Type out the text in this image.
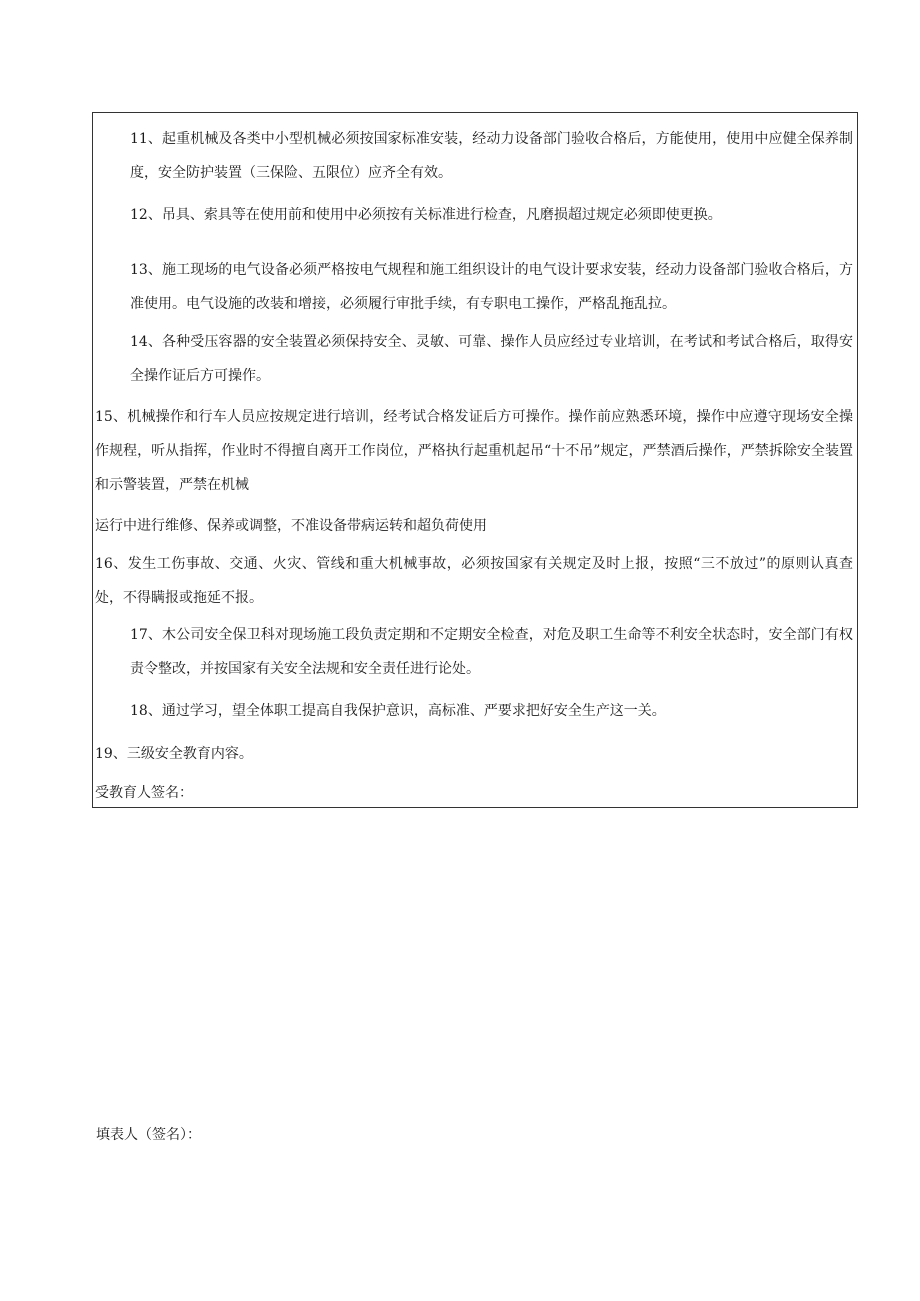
11、起重机械及各类中小型机械必须按国家标准安装，经动力设备部门验收合格后，方能使用，使用中应健全保养制度，安全防护装置（三保险、五限位）应齐全有效。

12、吊具、索具等在使用前和使用中必须按有关标准进行检查，凡磨损超过规定必须即使更换。

13、施工现场的电气设备必须严格按电气规程和施工组织设计的电气设计要求安装，经动力设备部门验收合格后，方准使用。电气设施的改装和增接，必须履行审批手续，有专职电工操作，严格乱拖乱拉。

14、各种受压容器的安全装置必须保持安全、灵敏、可靠、操作人员应经过专业培训，在考试和考试合格后，取得安全操作证后方可操作。

15、机械操作和行车人员应按规定进行培训，经考试合格发证后方可操作。操作前应熟悉环境，操作中应遵守现场安全操作规程，听从指挥，作业时不得擅自离开工作岗位，严格执行起重机起吊“十不吊”规定，严禁酒后操作，严禁拆除安全装置和示警装置，严禁在机械

运行中进行维修、保养或调整，不准设备带病运转和超负荷使用

16、发生工伤事故、交通、火灾、管线和重大机械事故，必须按国家有关规定及时上报，按照“三不放过”的原则认真查处，不得瞒报或拖延不报。

17、木公司安全保卫科对现场施工段负责定期和不定期安全检查，对危及职工生命等不利安全状态时，安全部门有权责令整改，并按国家有关安全法规和安全责任进行论处。

18、通过学习，望全体职工提高自我保护意识，高标准、严要求把好安全生产这一关。

19、三级安全教育内容。

受教育人签名：

填表人（签名）：
